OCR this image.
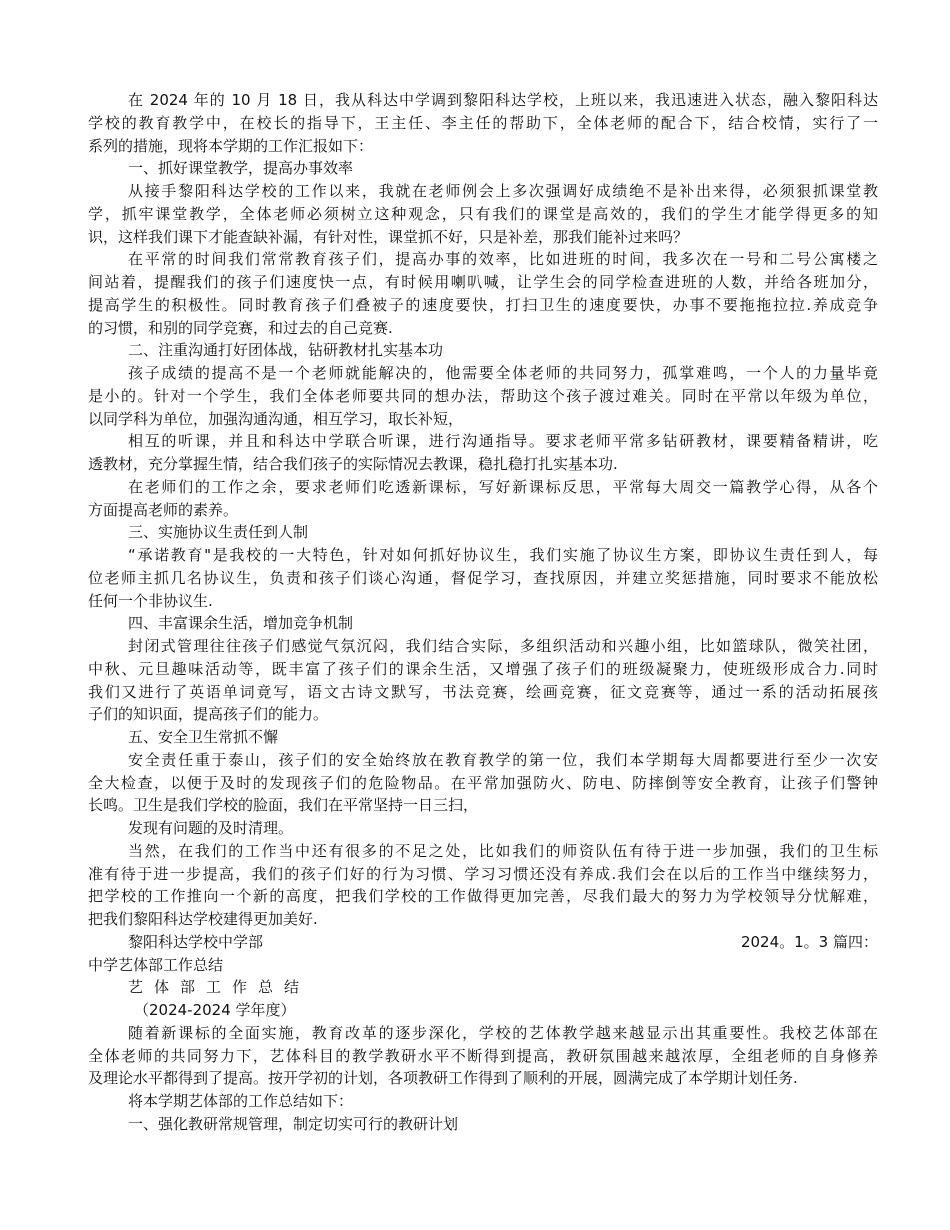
在 2024 年的 10 月 18 日，我从科达中学调到黎阳科达学校，上班以来，我迅速进入状态，融入黎阳科达
学校的教育教学中，在校长的指导下，王主任、李主任的帮助下，全体老师的配合下，结合校情，实行了一
系列的措施，现将本学期的工作汇报如下：
一、抓好课堂教学，提高办事效率
从接手黎阳科达学校的工作以来，我就在老师例会上多次强调好成绩绝不是补出来得，必须狠抓课堂教
学，抓牢课堂教学，全体老师必须树立这种观念，只有我们的课堂是高效的，我们的学生才能学得更多的知
识，这样我们课下才能查缺补漏，有针对性，课堂抓不好，只是补差，那我们能补过来吗？
在平常的时间我们常常教育孩子们，提高办事的效率，比如进班的时间，我多次在一号和二号公寓楼之
间站着，提醒我们的孩子们速度快一点，有时候用喇叭喊，让学生会的同学检查进班的人数，并给各班加分，
提高学生的积极性。同时教育孩子们叠被子的速度要快，打扫卫生的速度要快，办事不要拖拖拉拉.养成竞争
的习惯，和别的同学竞赛，和过去的自己竞赛.
二、注重沟通打好团体战，钻研教材扎实基本功
孩子成绩的提高不是一个老师就能解决的，他需要全体老师的共同努力，孤掌难鸣，一个人的力量毕竟
是小的。针对一个学生，我们全体老师要共同的想办法，帮助这个孩子渡过难关。同时在平常以年级为单位，
以同学科为单位，加强沟通沟通，相互学习，取长补短，
相互的听课，并且和科达中学联合听课，进行沟通指导。要求老师平常多钻研教材，课要精备精讲，吃
透教材，充分掌握生情，结合我们孩子的实际情况去教课，稳扎稳打扎实基本功.
在老师们的工作之余，要求老师们吃透新课标，写好新课标反思，平常每大周交一篇教学心得，从各个
方面提高老师的素养。
三、实施协议生责任到人制
“承诺教育"是我校的一大特色，针对如何抓好协议生，我们实施了协议生方案，即协议生责任到人，每
位老师主抓几名协议生，负责和孩子们谈心沟通，督促学习，查找原因，并建立奖惩措施，同时要求不能放松
任何一个非协议生.
四、丰富课余生活，增加竞争机制
封闭式管理往往孩子们感觉气氛沉闷，我们结合实际，多组织活动和兴趣小组，比如篮球队，微笑社团，
中秋、元旦趣味活动等，既丰富了孩子们的课余生活，又增强了孩子们的班级凝聚力，使班级形成合力.同时
我们又进行了英语单词竟写，语文古诗文默写，书法竞赛，绘画竞赛，征文竞赛等，通过一系的活动拓展孩
子们的知识面，提高孩子们的能力。
五、安全卫生常抓不懈
安全责任重于泰山，孩子们的安全始终放在教育教学的第一位，我们本学期每大周都要进行至少一次安
全大检查，以便于及时的发现孩子们的危险物品。在平常加强防火、防电、防摔倒等安全教育，让孩子们警钟
长鸣。卫生是我们学校的脸面，我们在平常坚持一日三扫，
发现有问题的及时清理。
当然，在我们的工作当中还有很多的不足之处，比如我们的师资队伍有待于进一步加强，我们的卫生标
准有待于进一步提高，我们的孩子们好的行为习惯、学习习惯还没有养成.我们会在以后的工作当中继续努力，
把学校的工作推向一个新的高度，把我们学校的工作做得更加完善，尽我们最大的努力为学校领导分忧解难，
把我们黎阳科达学校建得更加美好.
黎阳科达学校中学部	2024。1。3 篇四：
中学艺体部工作总结
艺体部工作总结
（2024-2024 学年度）
随着新课标的全面实施，教育改革的逐步深化，学校的艺体教学越来越显示出其重要性。我校艺体部在
全体老师的共同努力下，艺体科目的教学教研水平不断得到提高，教研氛围越来越浓厚，全组老师的自身修养
及理论水平都得到了提高。按开学初的计划，各项教研工作得到了顺利的开展，圆满完成了本学期计划任务.
将本学期艺体部的工作总结如下：
一、强化教研常规管理，制定切实可行的教研计划
